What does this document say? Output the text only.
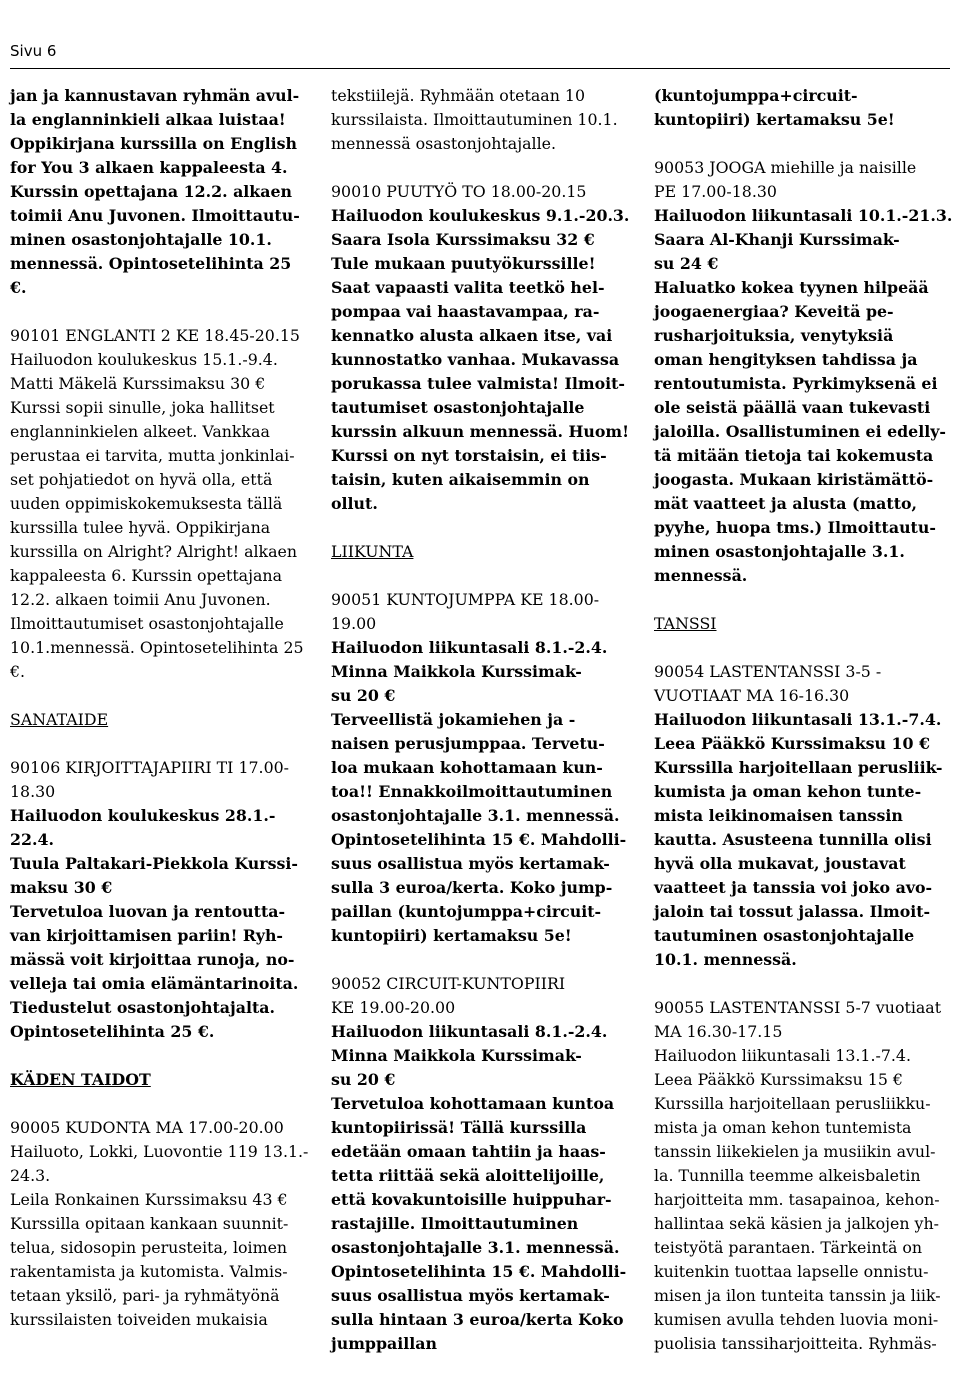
Sivu 6
jan ja kannustavan ryhmän avul-
la englanninkieli alkaa luistaa!
Oppikirjana kurssilla on English
for You 3 alkaen kappaleesta 4.
Kurssin opettajana 12.2. alkaen
toimii Anu Juvonen. Ilmoittautu-
minen osastonjohtajalle 10.1.
mennessä. Opintosetelihinta 25
€.
90101 ENGLANTI 2 KE 18.45-20.15
Hailuodon koulukeskus 15.1.-9.4.
Matti Mäkelä Kurssimaksu 30 €
Kurssi sopii sinulle, joka hallitset
englanninkielen alkeet. Vankkaa
perustaa ei tarvita, mutta jonkinlai-
set pohjatiedot on hyvä olla, että
uuden oppimiskokemuksesta tällä
kurssilla tulee hyvä. Oppikirjana
kurssilla on Alright? Alright! alkaen
kappaleesta 6. Kurssin opettajana
12.2. alkaen toimii Anu Juvonen.
Ilmoittautumiset osastonjohtajalle
10.1.mennessä. Opintosetelihinta 25
€.
SANATAIDE
90106 KIRJOITTAJAPIIRI TI 17.00-
18.30
Hailuodon koulukeskus 28.1.-
22.4.
Tuula Paltakari-Piekkola Kurssi-
maksu 30 €
Tervetuloa luovan ja rentoutta-
van kirjoittamisen pariin! Ryh-
mässä voit kirjoittaa runoja, no-
velleja tai omia elämäntarinoita.
Tiedustelut osastonjohtajalta.
Opintosetelihinta 25 €.
KÄDEN TAIDOT
90005 KUDONTA MA 17.00-20.00
Hailuoto, Lokki, Luovontie 119 13.1.-
24.3.
Leila Ronkainen Kurssimaksu 43 €
Kurssilla opitaan kankaan suunnit-
telua, sidosopin perusteita, loimen
rakentamista ja kutomista. Valmis-
tetaan yksilö, pari- ja ryhmätyönä
kurssilaisten toiveiden mukaisia
tekstiilejä. Ryhmään otetaan 10
kurssilaista. Ilmoittautuminen 10.1.
mennessä osastonjohtajalle.
90010 PUUTYÖ TO 18.00-20.15
Hailuodon koulukeskus 9.1.-20.3.
Saara Isola Kurssimaksu 32 €
Tule mukaan puutyökurssille!
Saat vapaasti valita teetkö hel-
pompaa vai haastavampaa, ra-
kennatko alusta alkaen itse, vai
kunnostatko vanhaa. Mukavassa
porukassa tulee valmista! Ilmoit-
tautumiset osastonjohtajalle
kurssin alkuun mennessä. Huom!
Kurssi on nyt torstaisin, ei tiis-
taisin, kuten aikaisemmin on
ollut.
LIIKUNTA
90051 KUNTOJUMPPA KE 18.00-
19.00
Hailuodon liikuntasali 8.1.-2.4.
Minna Maikkola Kurssimak-
su 20 €
Terveellistä jokamiehen ja -
naisen perusjumppaa. Tervetu-
loa mukaan kohottamaan kun-
toa!! Ennakkoilmoittautuminen
osastonjohtajalle 3.1. mennessä.
Opintosetelihinta 15 €. Mahdolli-
suus osallistua myös kertamak-
sulla 3 euroa/kerta. Koko jump-
paillan (kuntojumppa+circuit-
kuntopiiri) kertamaksu 5e!
90052 CIRCUIT-KUNTOPIIRI
KE 19.00-20.00
Hailuodon liikuntasali 8.1.-2.4.
Minna Maikkola Kurssimak-
su 20 €
Tervetuloa kohottamaan kuntoa
kuntopiirissä! Tällä kurssilla
edetään omaan tahtiin ja haas-
tetta riittää sekä aloittelijoille,
että kovakuntoisille huippuhar-
rastajille. Ilmoittautuminen
osastonjohtajalle 3.1. mennessä.
Opintosetelihinta 15 €. Mahdolli-
suus osallistua myös kertamak-
sulla hintaan 3 euroa/kerta Koko
jumppaillan
(kuntojumppa+circuit-
kuntopiiri) kertamaksu 5e!
90053 JOOGA miehille ja naisille
PE 17.00-18.30
Hailuodon liikuntasali 10.1.-21.3.
Saara Al-Khanji Kurssimak-
su 24 €
Haluatko kokea tyynen hilpeää
joogaenergiaa? Keveitä pe-
rusharjoituksia, venytyksiä
oman hengityksen tahdissa ja
rentoutumista. Pyrkimyksenä ei
ole seistä päällä vaan tukevasti
jaloilla. Osallistuminen ei edelly-
tä mitään tietoja tai kokemusta
joogasta. Mukaan kiristämättö-
mät vaatteet ja alusta (matto,
pyyhe, huopa tms.) Ilmoittautu-
minen osastonjohtajalle 3.1.
mennessä.
TANSSI
90054 LASTENTANSSI 3-5 -
VUOTIAAT MA 16-16.30
Hailuodon liikuntasali 13.1.-7.4.
Leea Pääkkö Kurssimaksu 10 €
Kurssilla harjoitellaan perusliik-
kumista ja oman kehon tunte-
mista leikinomaisen tanssin
kautta. Asusteena tunnilla olisi
hyvä olla mukavat, joustavat
vaatteet ja tanssia voi joko avo-
jaloin tai tossut jalassa. Ilmoit-
tautuminen osastonjohtajalle
10.1. mennessä.
90055 LASTENTANSSI 5-7 vuotiaat
MA 16.30-17.15
Hailuodon liikuntasali 13.1.-7.4.
Leea Pääkkö Kurssimaksu 15 €
Kurssilla harjoitellaan perusliikku-
mista ja oman kehon tuntemista
tanssin liikekielen ja musiikin avul-
la. Tunnilla teemme alkeisbaletin
harjoitteita mm. tasapainoa, kehon-
hallintaa sekä käsien ja jalkojen yh-
teistyötä parantaen. Tärkeintä on
kuitenkin tuottaa lapselle onnistu-
misen ja ilon tunteita tanssin ja liik-
kumisen avulla tehden luovia moni-
puolisia tanssiharjoitteita. Ryhmäs-
